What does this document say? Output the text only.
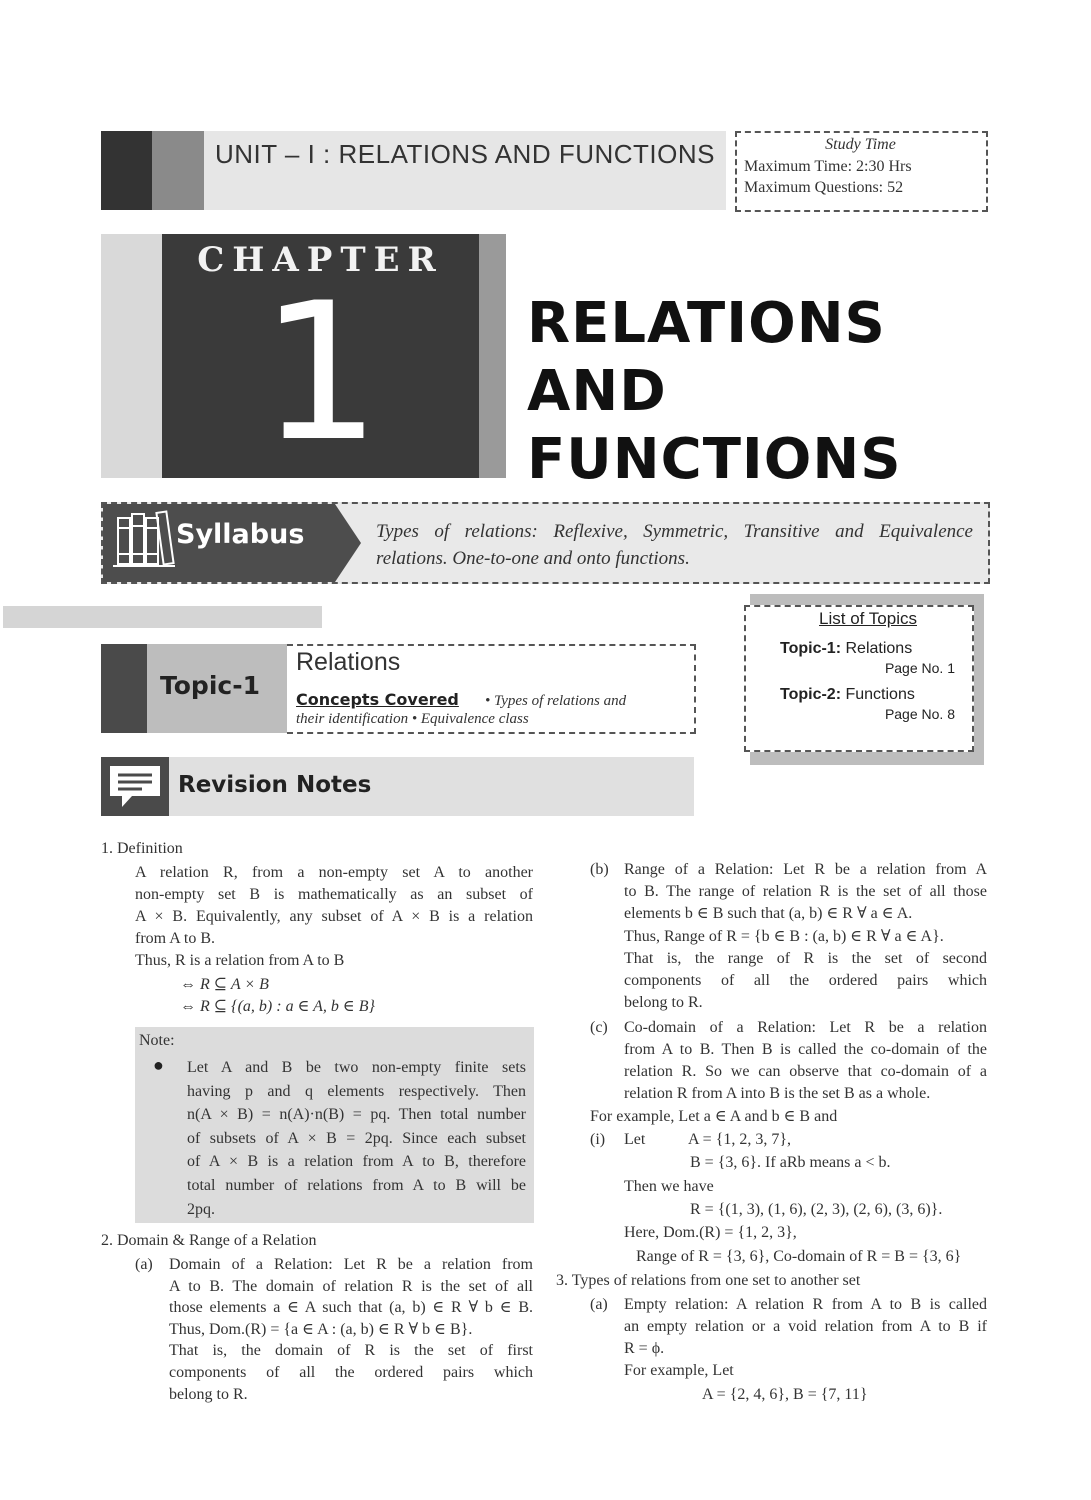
UNIT – I : RELATIONS AND FUNCTIONS	Study Time
Maximum Time: 2:30 Hrs
Maximum Questions: 52
CHAPTER
1	RELATIONS
AND
FUNCTIONS
Syllabus	Types of relations: Reflexive, Symmetric, Transitive and Equivalence relations. One-to-one and onto functions.
List of Topics
Topic-1: Relations
Page No. 1
Topic-2: Functions
Page No. 8
Topic-1
Relations
Concepts Covered • Types of relations and
their identification • Equivalence class
Revision Notes
1. Definition
A relation R, from a non-empty set A to another
non-empty set B is mathematically as an subset of
A × B. Equivalently, any subset of A × B is a relation
from A to B.
Thus, R is a relation from A to B
⇔ R ⊆ A × B
⇔ R ⊆ {(a, b) : a ∈ A, b ∈ B}
Note:
● Let A and B be two non-empty finite sets
having p and q elements respectively. Then
n(A × B) = n(A)·n(B) = pq. Then total number
of subsets of A × B = 2pq. Since each subset
of A × B is a relation from A to B, therefore
total number of relations from A to B will be
2pq.
2. Domain & Range of a Relation
(a) Domain of a Relation: Let R be a relation from
A to B. The domain of relation R is the set of all
those elements a ∈ A such that (a, b) ∈ R ∀ b ∈ B.
Thus, Dom.(R) = {a ∈ A : (a, b) ∈ R ∀ b ∈ B}.
That is, the domain of R is the set of first
components of all the ordered pairs which
belong to R.
(b) Range of a Relation: Let R be a relation from A
to B. The range of relation R is the set of all those
elements b ∈ B such that (a, b) ∈ R ∀ a ∈ A.
Thus, Range of R = {b ∈ B : (a, b) ∈ R ∀ a ∈ A}.
That is, the range of R is the set of second
components of all the ordered pairs which
belong to R.
(c) Co-domain of a Relation: Let R be a relation
from A to B. Then B is called the co-domain of the
relation R. So we can observe that co-domain of a
relation R from A into B is the set B as a whole.
For example, Let a ∈ A and b ∈ B and
(i) Let	A = {1, 2, 3, 7},
B = {3, 6}. If aRb means a < b.
Then we have
R = {(1, 3), (1, 6), (2, 3), (2, 6), (3, 6)}.
Here, Dom.(R) = {1, 2, 3},
Range of R = {3, 6}, Co-domain of R = B = {3, 6}
3. Types of relations from one set to another set
(a) Empty relation: A relation R from A to B is called
an empty relation or a void relation from A to B if
R = ϕ.
For example, Let
A = {2, 4, 6}, B = {7, 11}
